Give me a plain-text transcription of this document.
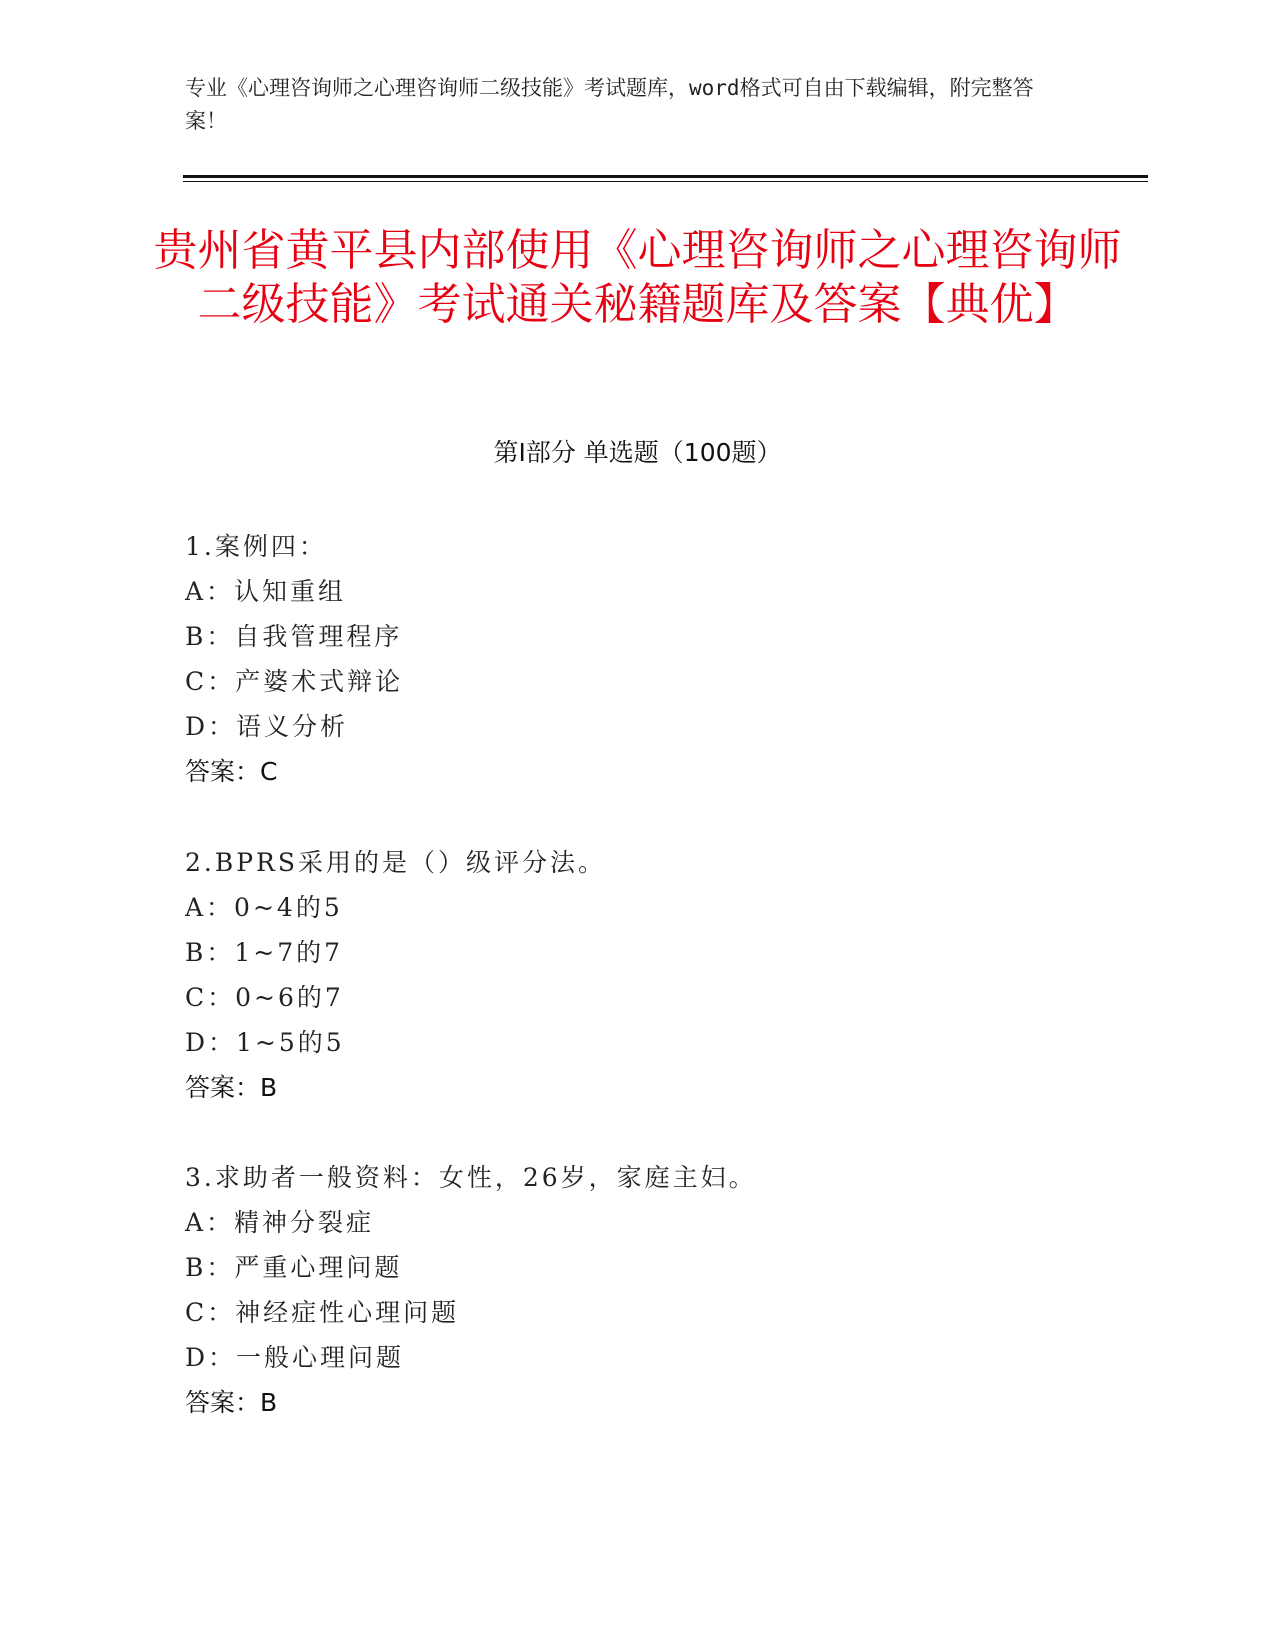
专业《心理咨询师之心理咨询师二级技能》考试题库，word格式可自由下载编辑，附完整答案！
贵州省黄平县内部使用《心理咨询师之心理咨询师二级技能》考试通关秘籍题库及答案【典优】
第I部分 单选题（100题）
1.案例四：
A：认知重组
B：自我管理程序
C：产婆术式辩论
D：语义分析
答案：C
2.BPRS采用的是（）级评分法。
A：0~4的5
B：1~7的7
C：0~6的7
D：1~5的5
答案：B
3.求助者一般资料：女性，26岁，家庭主妇。
A：精神分裂症
B：严重心理问题
C：神经症性心理问题
D：一般心理问题
答案：B
